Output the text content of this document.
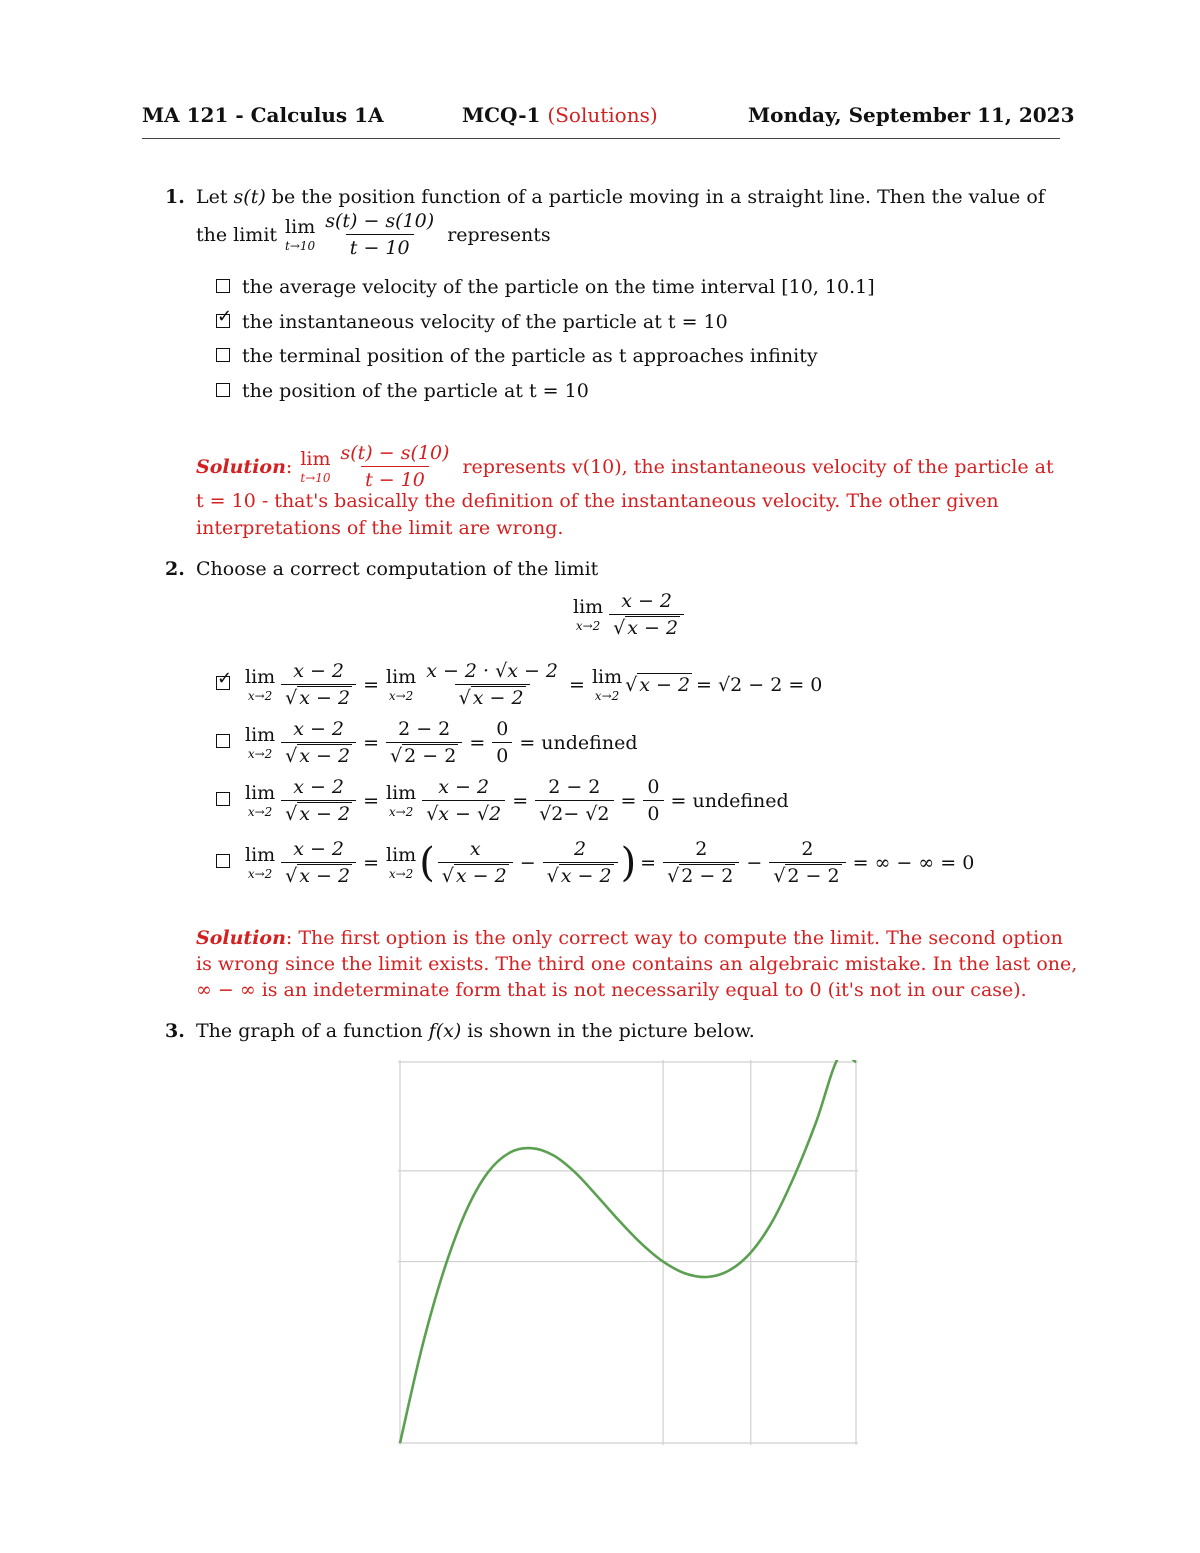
MA 121 - Calculus 1A	MCQ-1 (Solutions)	Monday, September 11, 2023
1. Let s(t) be the position function of a particle moving in a straight line. Then the value of
the limit lim
$t\to 10 \frac{s(t) - s(10)}{t - 10}$ represents
the average velocity of the particle on the time interval [10, 10.1]
✓the instantaneous velocity of the particle at t = 10
the terminal position of the particle as t approaches infinity
the position of the particle at t = 10
Solution : lim
$t\to 10 \frac{s(t) - s(10)}{t - 10}$ represents v(10), the instantaneous velocity of the particle at
t = 10 - that's basically the definition of the instantaneous velocity. The other given
interpretations of the limit are wrong.
2. Choose a correct computation of the limit
lim
$x\to 2 \frac{x - 2}{√ x - 2}$
✓
lim
$x\to 2 \frac{x - 2}{√ x - 2} = \lim$
$x\to 2 \frac{x - 2 \cdot √x - 2}{√ x - 2} = \lim$
x→2 √ x − 2 = √2 − 2 = 0
lim
$x\to 2 \frac{x - 2}{√ x - 2} = \frac{2 - 2}{√ 2 - 2} = \frac{0}{0}$ = undefined
lim
$x\to 2 \frac{x - 2}{√ x - 2} = \lim$
$x\to 2 \frac{x - 2}{√x - √2} = \frac{2 - 2}{√2- √2} = \frac{0}{0}$ = undefined
lim
$x\to 2 \frac{x - 2}{√ x - 2} = \lim$
x→2 ( $\frac{x}{√ x - 2} - \frac{2}{√ x - 2}$ ) = $\frac{2}{√ 2 - 2} - \frac{2}{√ 2 - 2}$ = ∞ − ∞ = 0
Solution: The first option is the only correct way to compute the limit. The second option
is wrong since the limit exists. The third one contains an algebraic mistake. In the last one,
∞ − ∞ is an indeterminate form that is not necessarily equal to 0 (it's not in our case).
3. The graph of a function f(x) is shown in the picture below.
